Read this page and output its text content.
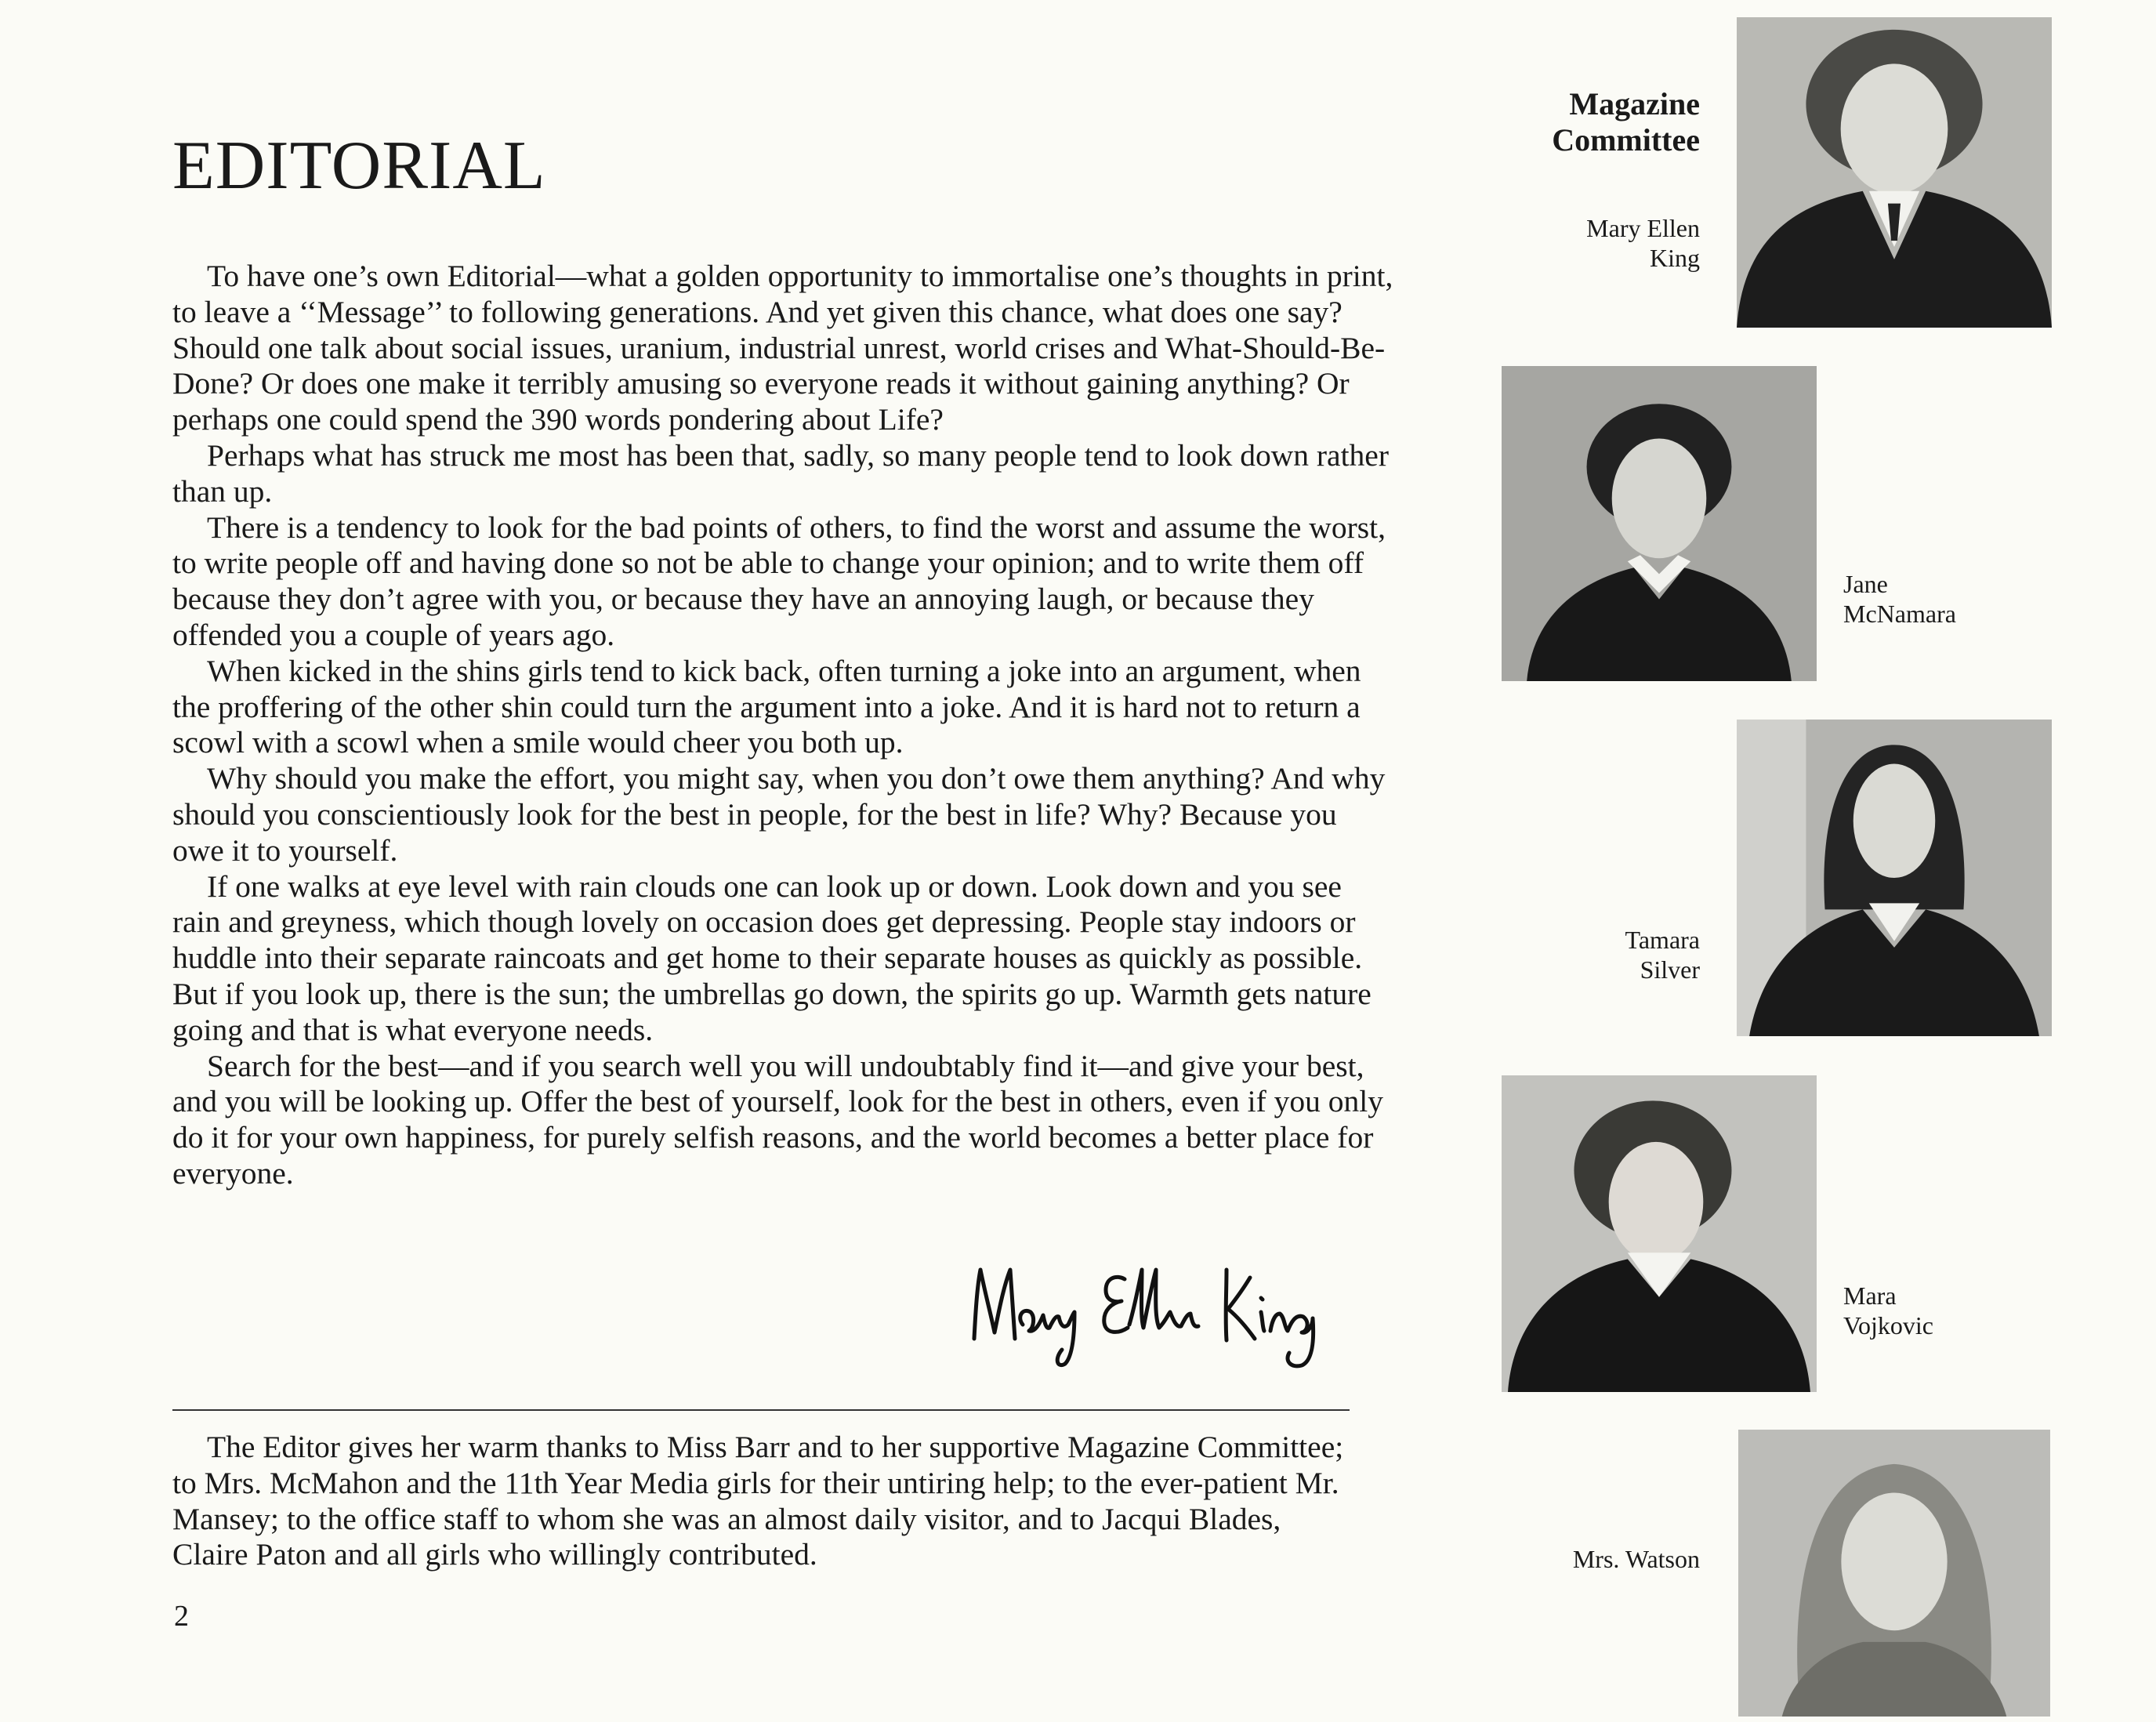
EDITORIAL

To have one’s own Editorial—what a golden opportunity to immortalise one’s thoughts in print, to leave a ‘‘Message’’ to following generations. And yet given this chance, what does one say? Should one talk about social issues, uranium, industrial unrest, world crises and What-Should-Be-Done? Or does one make it terribly amusing so everyone reads it without gaining anything? Or perhaps one could spend the 390 words pondering about Life?

Perhaps what has struck me most has been that, sadly, so many people tend to look down rather than up.

There is a tendency to look for the bad points of others, to find the worst and assume the worst, to write people off and having done so not be able to change your opinion; and to write them off because they don’t agree with you, or because they have an annoying laugh, or because they offended you a couple of years ago.

When kicked in the shins girls tend to kick back, often turning a joke into an argument, when the proffering of the other shin could turn the argument into a joke. And it is hard not to return a scowl with a scowl when a smile would cheer you both up.

Why should you make the effort, you might say, when you don’t owe them anything? And why should you conscientiously look for the best in people, for the best in life? Why? Because you owe it to yourself.

If one walks at eye level with rain clouds one can look up or down. Look down and you see rain and greyness, which though lovely on occasion does get depressing. People stay indoors or huddle into their separate raincoats and get home to their separate houses as quickly as possible. But if you look up, there is the sun; the umbrellas go down, the spirits go up. Warmth gets nature going and that is what everyone needs.

Search for the best—and if you search well you will undoubtably find it—and give your best, and you will be looking up. Offer the best of yourself, look for the best in others, even if you only do it for your own happiness, for purely selfish reasons, and the world becomes a better place for everyone.

The Editor gives her warm thanks to Miss Barr and to her supportive Magazine Committee; to Mrs. McMahon and the 11th Year Media girls for their untiring help; to the ever-patient Mr. Mansey; to the office staff to whom she was an almost daily visitor, and to Jacqui Blades, Claire Paton and all girls who willingly contributed.

2
Magazine
Committee
Mary Ellen
King
Jane
McNamara
Tamara
Silver
Mara
Vojkovic
Mrs. Watson
